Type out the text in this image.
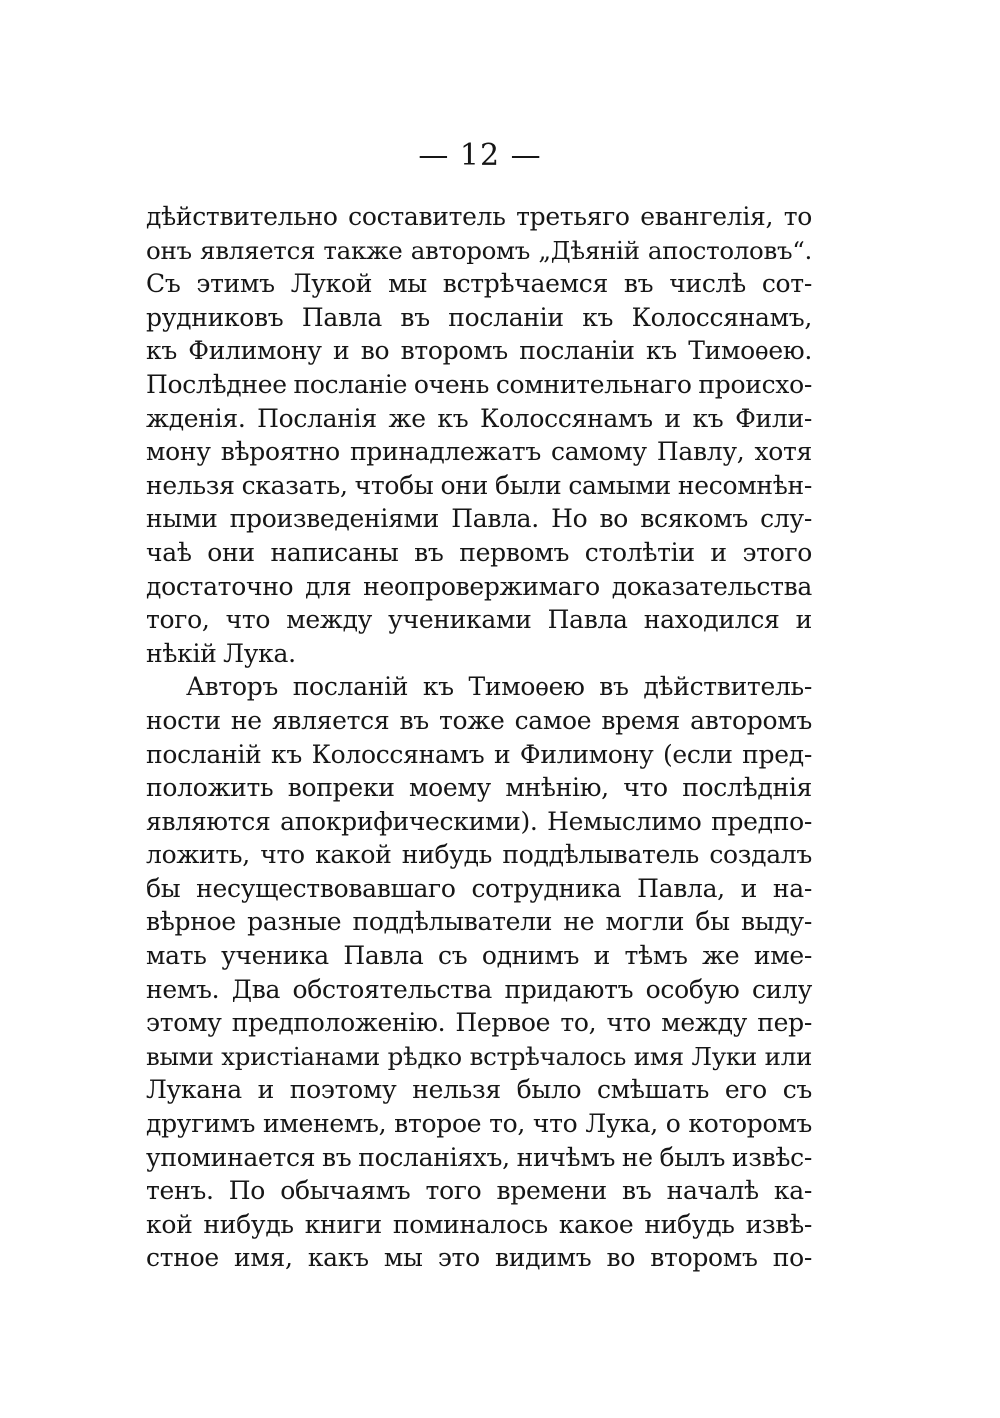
— 12 —
дѣйствительно составитель третьяго евангелія, то
онъ является также авторомъ „Дѣяній апостоловъ“.
Съ этимъ Лукой мы встрѣчаемся въ числѣ сот-
рудниковъ Павла въ посланіи къ Колоссянамъ,
къ Филимону и во второмъ посланіи къ Тимоѳею.
Послѣднее посланіе очень сомнительнаго происхо-
жденія. Посланія же къ Колоссянамъ и къ Фили-
мону вѣроятно принадлежатъ самому Павлу, хотя
нельзя сказать, чтобы они были самыми несомнѣн-
ными произведеніями Павла. Но во всякомъ слу-
чаѣ они написаны въ первомъ столѣтіи и этого
достаточно для неопровержимаго доказательства
того, что между учениками Павла находился и
нѣкій Лука.
Авторъ посланій къ Тимоѳею въ дѣйствитель-
ности не является въ тоже самое время авторомъ
посланій къ Колоссянамъ и Филимону (если пред-
положить вопреки моему мнѣнію, что послѣднія
являются апокрифическими). Немыслимо предпо-
ложить, что какой нибудь поддѣлыватель создалъ
бы несуществовавшаго сотрудника Павла, и на-
вѣрное разные поддѣлыватели не могли бы выду-
мать ученика Павла съ однимъ и тѣмъ же име-
немъ. Два обстоятельства придаютъ особую силу
этому предположенію. Первое то, что между пер-
выми христіанами рѣдко встрѣчалось имя Луки или
Лукана и поэтому нельзя было смѣшать его съ
другимъ именемъ, второе то, что Лука, о которомъ
упоминается въ посланіяхъ, ничѣмъ не былъ извѣс-
тенъ. По обычаямъ того времени въ началѣ ка-
кой нибудь книги поминалось какое нибудь извѣ-
стное имя, какъ мы это видимъ во второмъ по-
